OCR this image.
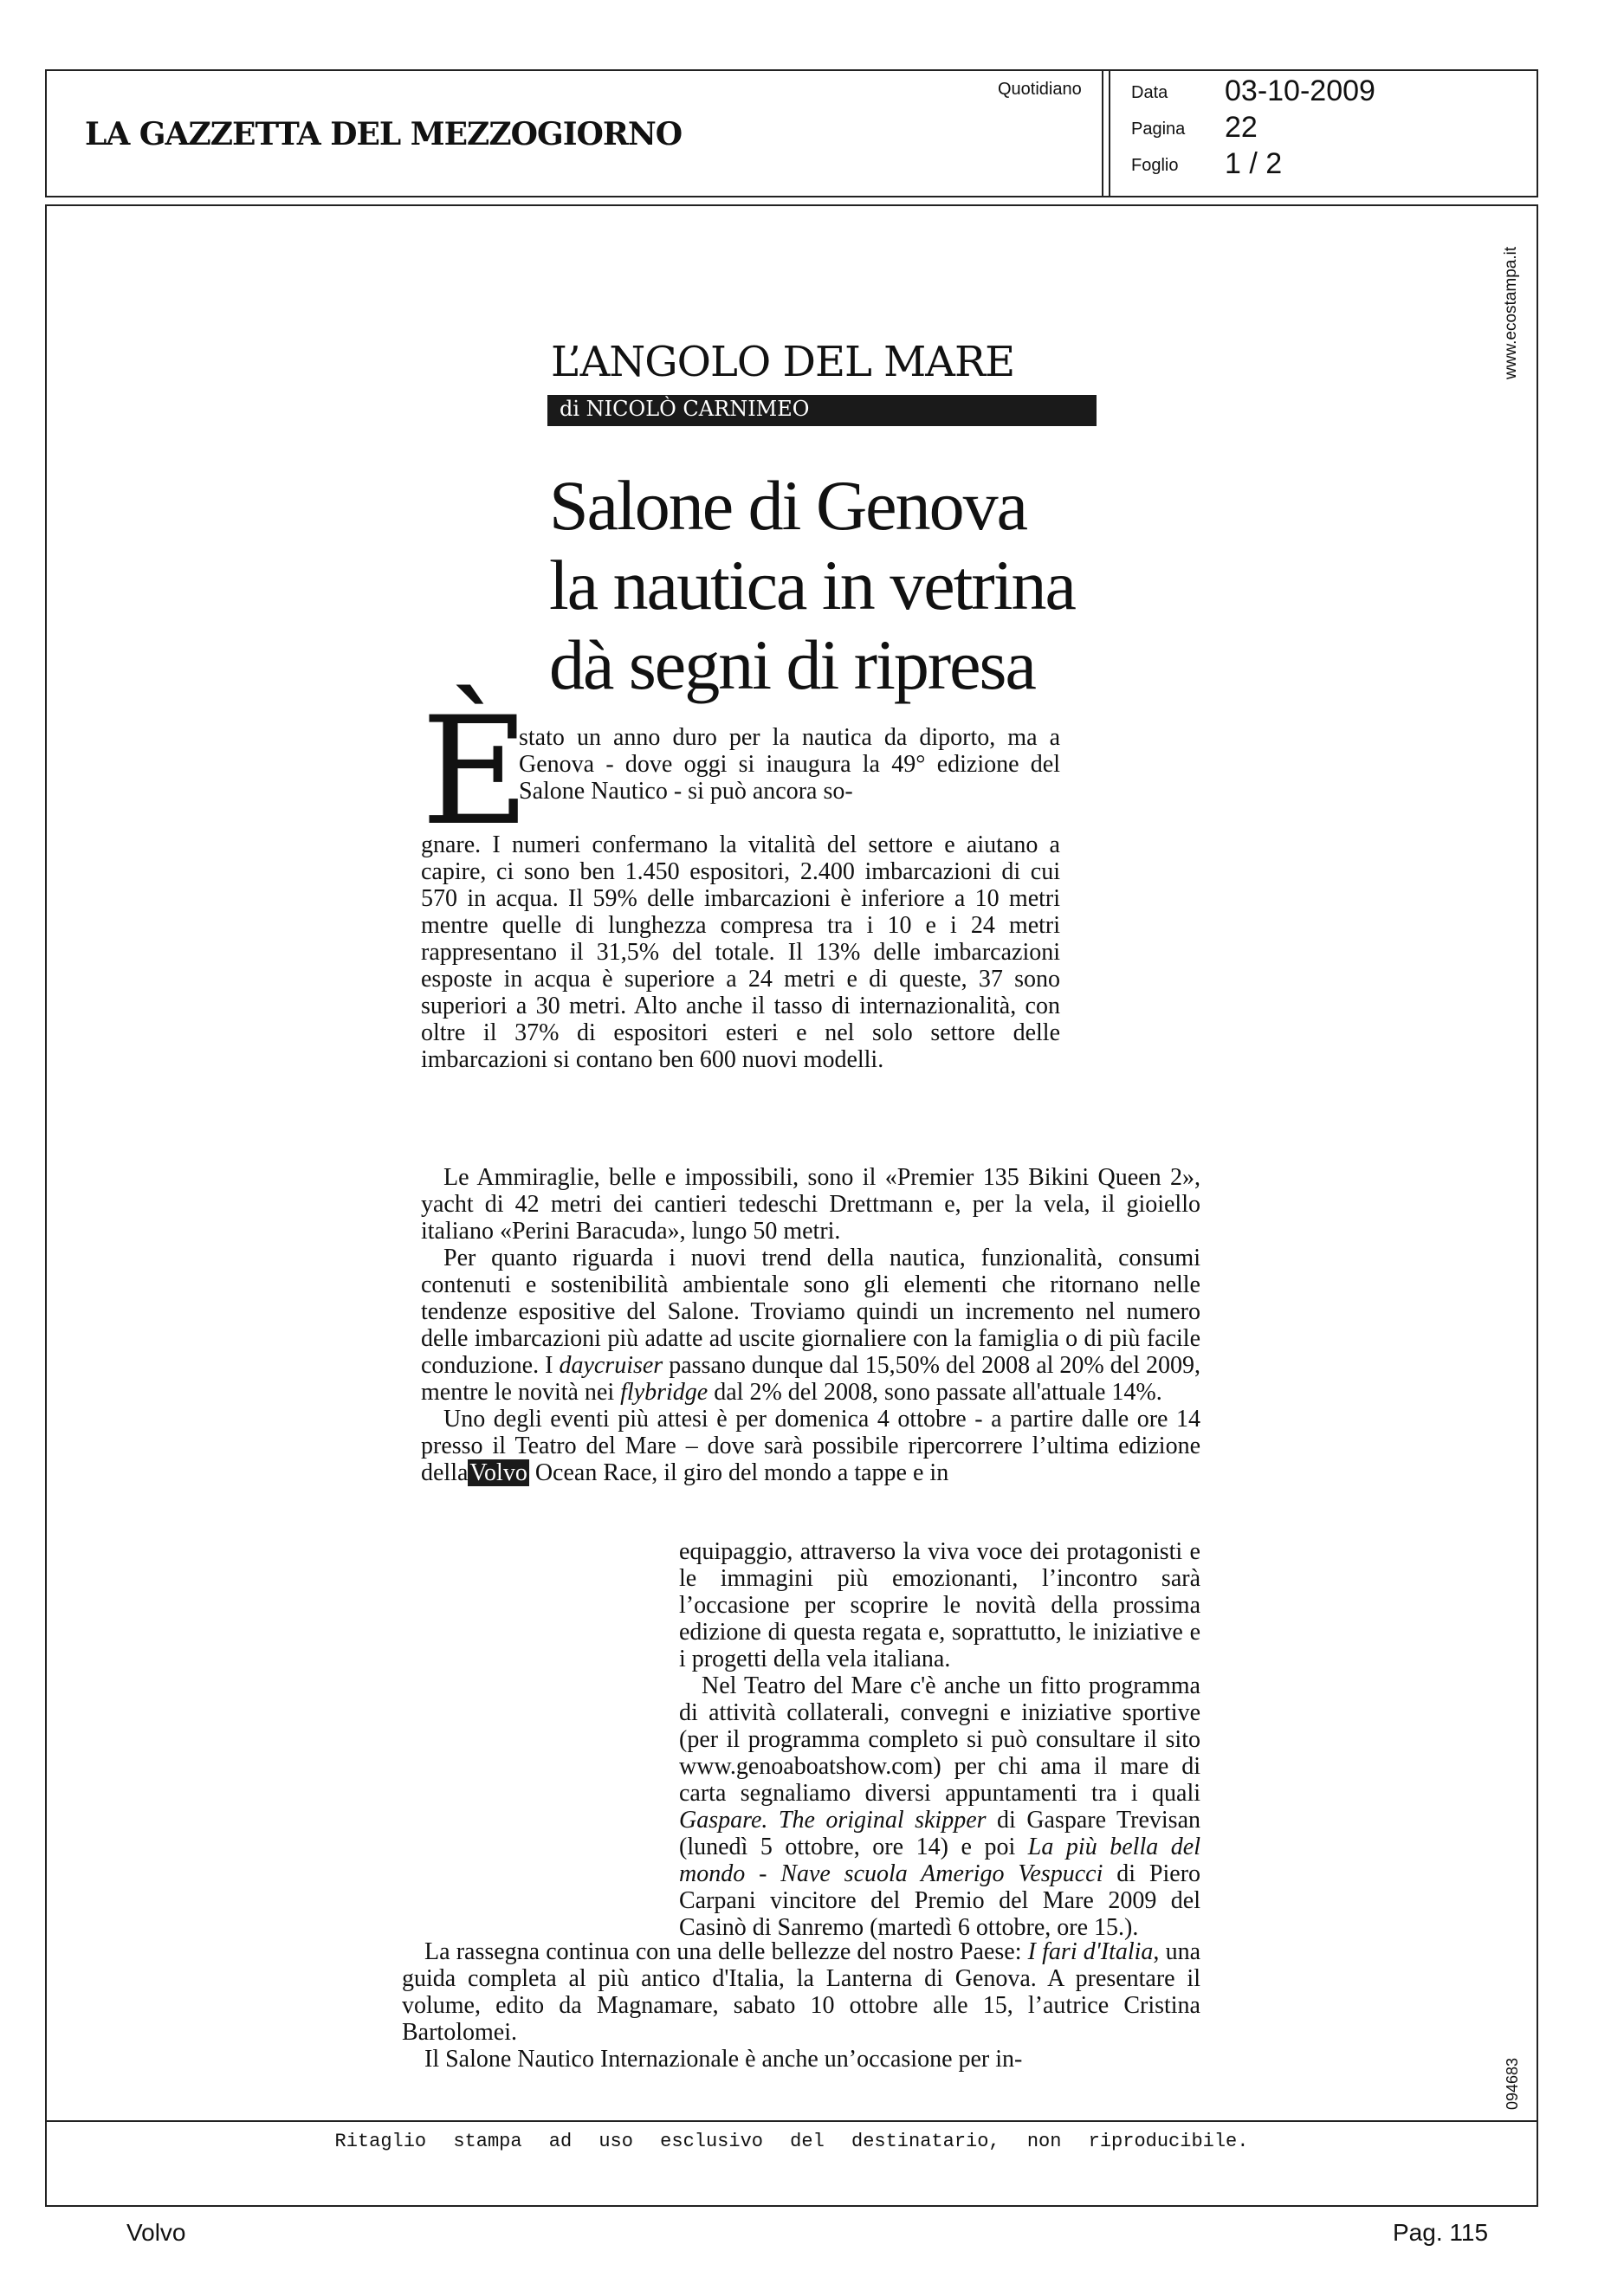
LA GAZZETTA DEL MEZZOGIORNO
Quotidiano	Data 03-10-2009
Pagina 22
Foglio 1 / 2
www.ecostampa.it
094683
L’ANGOLO DEL MARE
di NICOLÒ CARNIMEO
Salone di Genova
la nautica in vetrina
dà segni di ripresa
È
stato un anno duro per la nautica da diporto, ma a Genova - dove oggi si inaugura la 49° edizione del Salone Nautico - si può ancora so-
gnare. I numeri confermano la vitalità del settore e aiutano a capire, ci sono ben 1.450 espositori, 2.400 imbarcazioni di cui 570 in acqua. Il 59% delle imbarcazioni è inferiore a 10 metri mentre quelle di lunghezza compresa tra i 10 e i 24 metri rappresentano il 31,5% del totale. Il 13% delle imbarcazioni esposte in acqua è superiore a 24 metri e di queste, 37 sono superiori a 30 metri. Alto anche il tasso di internazionalità, con oltre il 37% di espositori esteri e nel solo settore delle imbarcazioni si contano ben 600 nuovi modelli.

Le Ammiraglie, belle e impossibili, sono il «Premier 135 Bikini Queen 2», yacht di 42 metri dei cantieri tedeschi Drettmann e, per la vela, il gioiello italiano «Perini Baracuda», lungo 50 metri.

Per quanto riguarda i nuovi trend della nautica, funzionalità, consumi contenuti e sostenibilità ambientale sono gli elementi che ritornano nelle tendenze espositive del Salone. Troviamo quindi un incremento nel numero delle imbarcazioni più adatte ad uscite giornaliere con la famiglia o di più facile conduzione. I daycruiser passano dunque dal 15,50% del 2008 al 20% del 2009, mentre le novità nei flybridge dal 2% del 2008, sono passate all'attuale 14%.

Uno degli eventi più attesi è per domenica 4 ottobre - a partire dalle ore 14 presso il Teatro del Mare – dove sarà possibile ripercorrere l’ultima edizione dellaVolvo Ocean Race, il giro del mondo a tappe e in

equipaggio, attraverso la viva voce dei protagonisti e le immagini più emozionanti, l’incontro sarà l’occasione per scoprire le novità della prossima edizione di questa regata e, soprattutto, le iniziative e i progetti della vela italiana.

Nel Teatro del Mare c'è anche un fitto programma di attività collaterali, convegni e iniziative sportive (per il programma completo si può consultare il sito www.genoaboatshow.com) per chi ama il mare di carta segnaliamo diversi appuntamenti tra i quali Gaspare. The original skipper di Gaspare Trevisan (lunedì 5 ottobre, ore 14) e poi La più bella del mondo - Nave scuola Amerigo Vespucci di Piero Carpani vincitore del Premio del Mare 2009 del Casinò di Sanremo (martedì 6 ottobre, ore 15.).

La rassegna continua con una delle bellezze del nostro Paese: I fari d'Italia, una guida completa al più antico d'Italia, la Lanterna di Genova. A presentare il volume, edito da Magnamare, sabato 10 ottobre alle 15, l’autrice Cristina Bartolomei.

Il Salone Nautico Internazionale è anche un’occasione per in-

Ritaglio stampa ad uso esclusivo del destinatario, non riproducibile.
Volvo	Pag. 115
